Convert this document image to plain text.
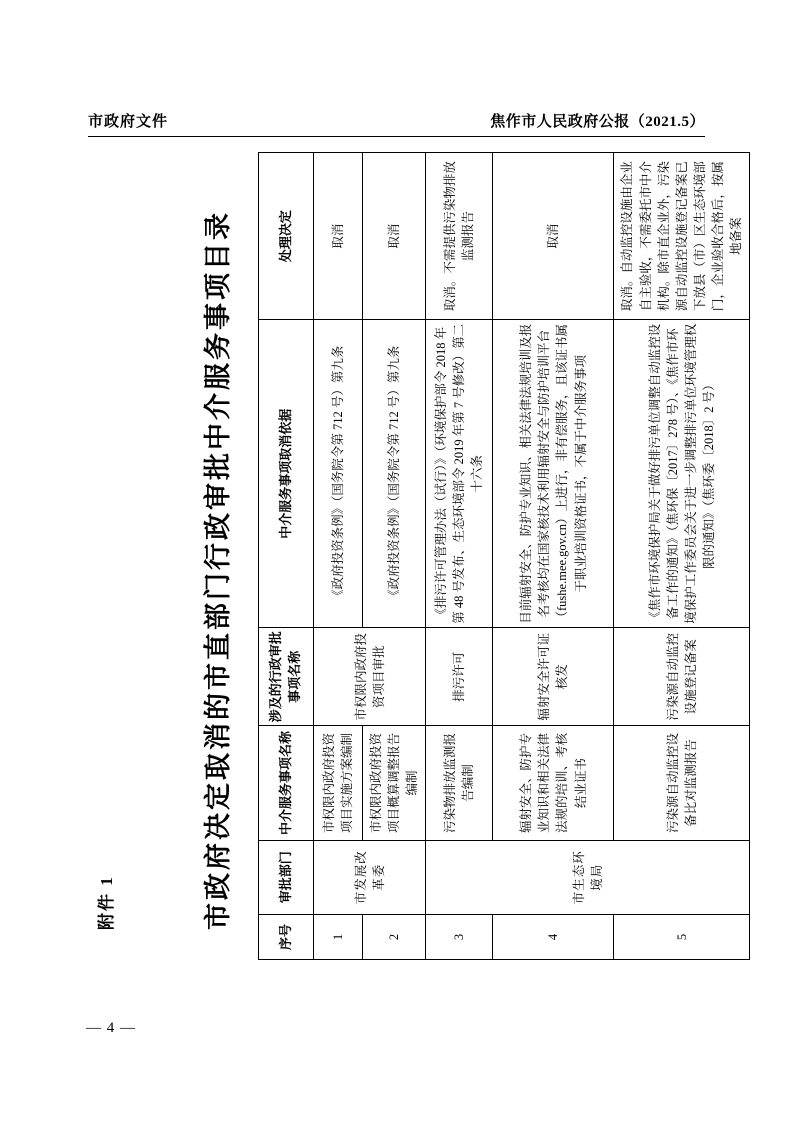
市政府文件	焦作市人民政府公报（2021.5）
— 4 —
附件 1	市政府决定取消的市直部门行政审批中介服务事项目录
序号	审批部门	中介服务事项名称	涉及的行政审批事项名称	中介服务事项取消依据	处理决定
1	市发展改革委	市权限内政府投资项目实施方案编制	市权限内政府投资项目审批	《政府投资条例》（国务院令第 712 号）第九条	取消
2		市权限内政府投资项目概算调整报告编制		《政府投资条例》（国务院令第 712 号）第九条	取消
3	市生态环境局	污染物排放监测报告编制	排污许可	《排污许可管理办法（试行）》（环境保护部令 2018 年第 48 号发布、生态环境部令 2019 年第 7 号修改）第二十六条	取消。不需提供污染物排放监测报告
4		辐射安全、防护专业知识和相关法律法规的培训、考核结业证书	辐射安全许可证核发	目前辐射安全、防护专业知识、相关法律法规培训及报名考核均在国家核技术利用辐射安全与防护培训平台（fushe.mee.gov.cn）上进行，非有偿服务，且该证书属于职业培训资格证书，不属于中介服务事项	取消
5		污染源自动监控设备比对监测报告	污染源自动监控设施登记备案	《焦作市环境保护局关于做好排污单位调整自动监控设备工作的通知》（焦环保〔2017〕278 号）、《焦作市环境保护工作委员会关于进一步调整排污单位环境管理权限的通知》（焦环委〔2018〕2 号）	取消。自动监控设施由企业自主验收，不需委托市中介机构。除市直企业外，污染源自动监控设施登记备案已下放县（市）区生态环境部门，企业验收合格后，按属地备案
